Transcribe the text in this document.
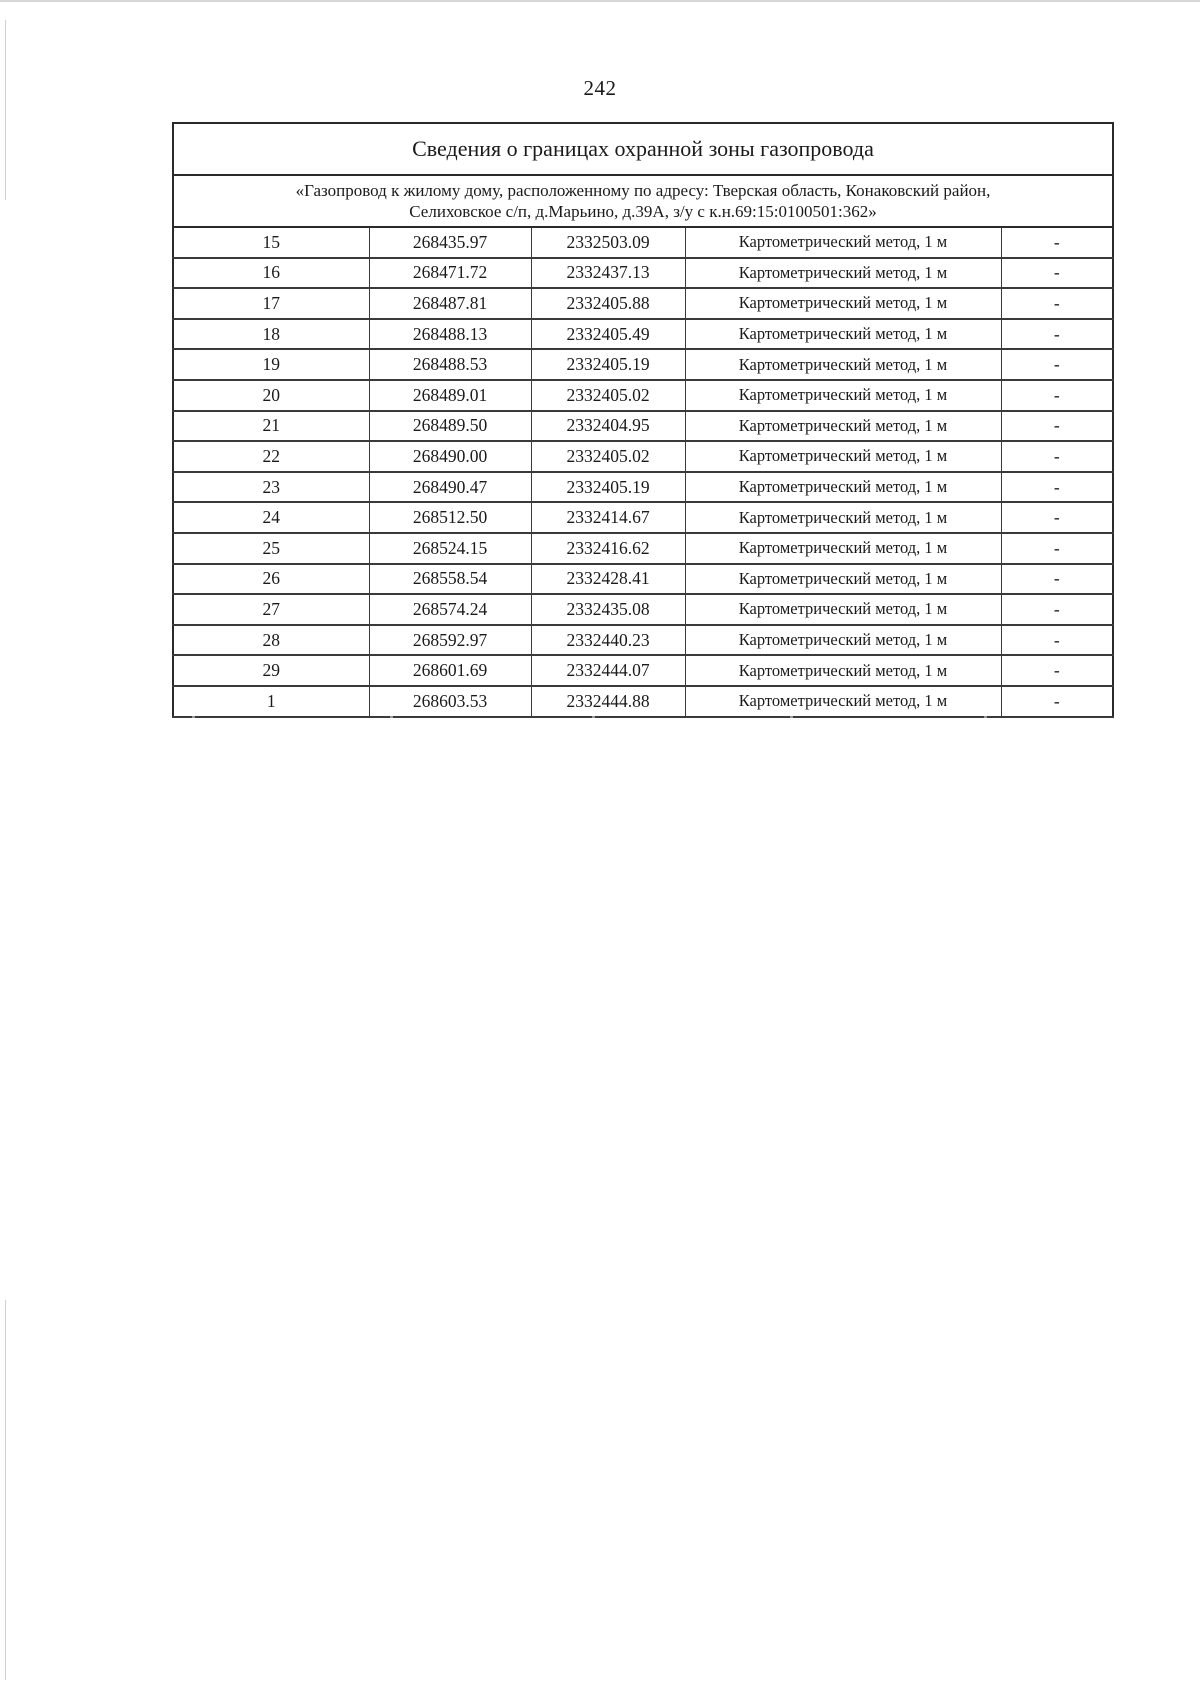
242
Сведения о границах охранной зоны газопровода				

«Газопровод к жилому дому, расположенному по адресу: Тверская область, Конаковский район,
Селиховское с/п, д.Марьино, д.39А, з/у с к.н.69:15:0100501:362»				

15	268435.97	2332503.09	Картометрический метод, 1 м	-
16	268471.72	2332437.13	Картометрический метод, 1 м	-
17	268487.81	2332405.88	Картометрический метод, 1 м	-
18	268488.13	2332405.49	Картометрический метод, 1 м	-
19	268488.53	2332405.19	Картометрический метод, 1 м	-
20	268489.01	2332405.02	Картометрический метод, 1 м	-
21	268489.50	2332404.95	Картометрический метод, 1 м	-
22	268490.00	2332405.02	Картометрический метод, 1 м	-
23	268490.47	2332405.19	Картометрический метод, 1 м	-
24	268512.50	2332414.67	Картометрический метод, 1 м	-
25	268524.15	2332416.62	Картометрический метод, 1 м	-
26	268558.54	2332428.41	Картометрический метод, 1 м	-
27	268574.24	2332435.08	Картометрический метод, 1 м	-
28	268592.97	2332440.23	Картометрический метод, 1 м	-
29	268601.69	2332444.07	Картометрический метод, 1 м	-
1	268603.53	2332444.88	Картометрический метод, 1 м	-
